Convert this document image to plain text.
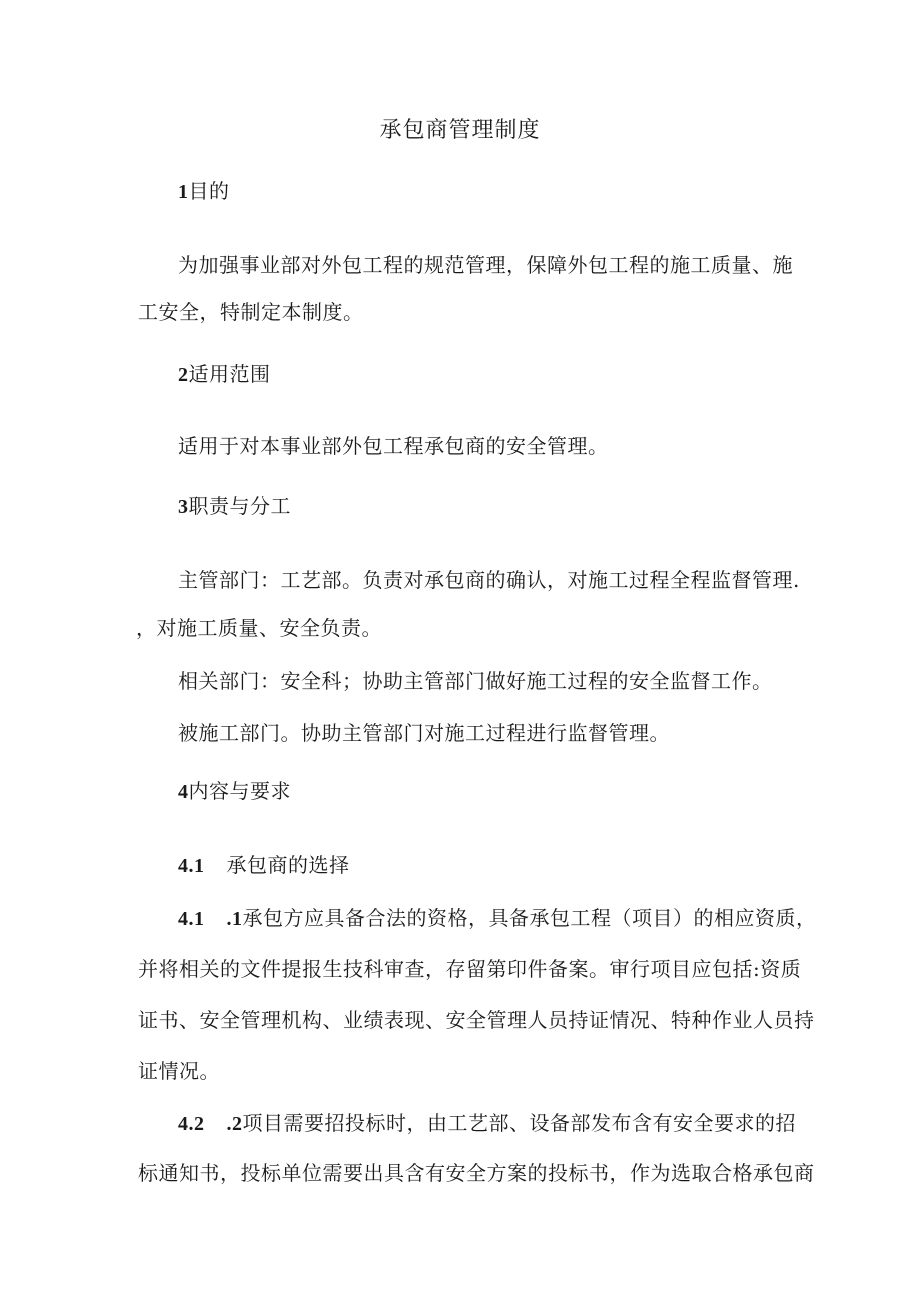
承包商管理制度
1目的
为加强事业部对外包工程的规范管理，保障外包工程的施工质量、施
工安全，特制定本制度。
2适用范围
适用于对本事业部外包工程承包商的安全管理。
3职责与分工
主管部门：工艺部。负责对承包商的确认，对施工过程全程监督管理.
，对施工质量、安全负责。
相关部门：安全科；协助主管部门做好施工过程的安全监督工作。
被施工部门。协助主管部门对施工过程进行监督管理。
4内容与要求
4.1 承包商的选择
4.1 .1承包方应具备合法的资格，具备承包工程（项目）的相应资质，
并将相关的文件提报生技科审查，存留第印件备案。审行项目应包括:资质
证书、安全管理机构、业绩表现、安全管理人员持证情况、特种作业人员持
证情况。
4.2 .2项目需要招投标时，由工艺部、设备部发布含有安全要求的招
标通知书，投标单位需要出具含有安全方案的投标书，作为选取合格承包商
